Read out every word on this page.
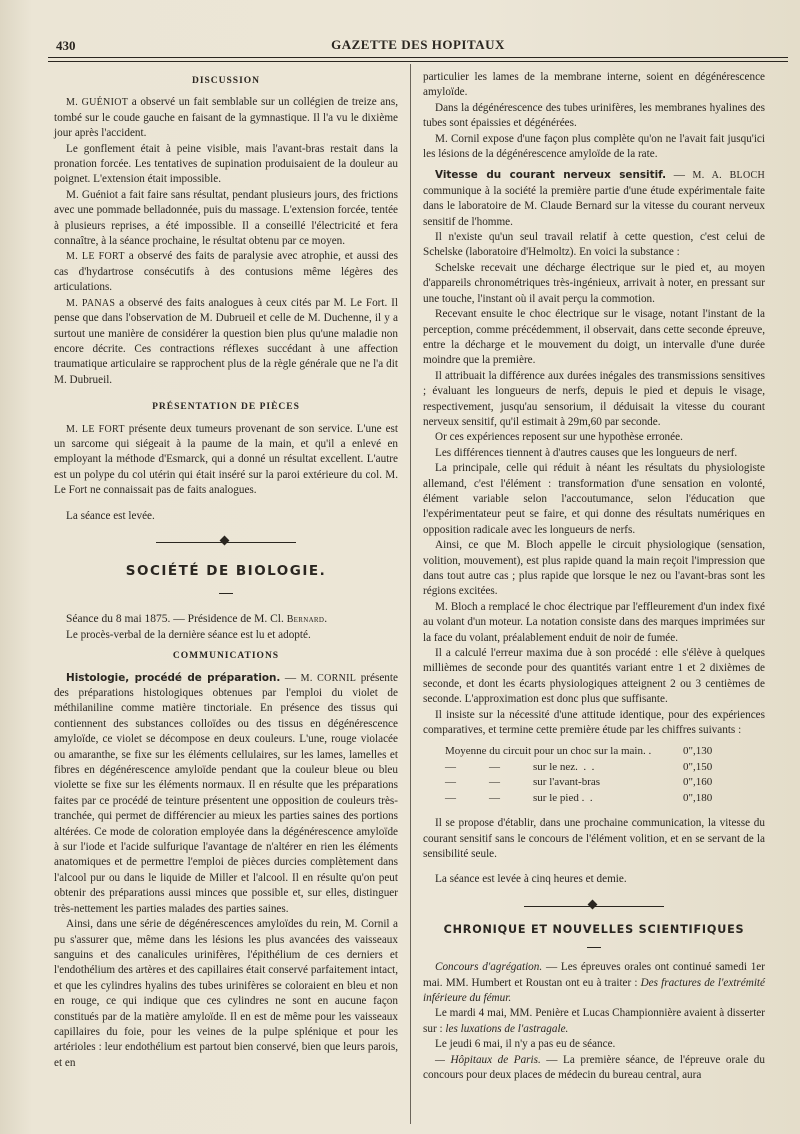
430	GAZETTE DES HOPITAUX
DISCUSSION

M. GUÉNIOT a observé un fait semblable sur un collégien de treize ans, tombé sur le coude gauche en faisant de la gymnastique. Il l'a vu le dixième jour après l'accident.

Le gonflement était à peine visible, mais l'avant-bras restait dans la pronation forcée. Les tentatives de supination produisaient de la douleur au poignet. L'extension était impossible.

M. Guéniot a fait faire sans résultat, pendant plusieurs jours, des frictions avec une pommade belladonnée, puis du massage. L'extension forcée, tentée à plusieurs reprises, a été impossible. Il a conseillé l'électricité et fera connaître, à la séance prochaine, le résultat obtenu par ce moyen.

M. LE FORT a observé des faits de paralysie avec atrophie, et aussi des cas d'hydartrose consécutifs à des contusions même légères des articulations.

M. PANAS a observé des faits analogues à ceux cités par M. Le Fort. Il pense que dans l'observation de M. Dubrueil et celle de M. Duchenne, il y a surtout une manière de considérer la question bien plus qu'une maladie non encore décrite. Ces contractions réflexes succédant à une affection traumatique articulaire se rapprochent plus de la règle générale que ne l'a dit M. Dubrueil.

PRÉSENTATION DE PIÈCES

M. LE FORT présente deux tumeurs provenant de son service. L'une est un sarcome qui siégeait à la paume de la main, et qu'il a enlevé en employant la méthode d'Esmarck, qui a donné un résultat excellent. L'autre est un polype du col utérin qui était inséré sur la paroi extérieure du col. M. Le Fort ne connaissait pas de faits analogues.

La séance est levée.

SOCIÉTÉ DE BIOLOGIE.

Séance du 8 mai 1875. — Présidence de M. Cl. Bernard.

Le procès-verbal de la dernière séance est lu et adopté.

COMMUNICATIONS

Histologie, procédé de préparation. — M. CORNIL présente des préparations histologiques obtenues par l'emploi du violet de méthilaniline comme matière tinctoriale. En présence des tissus qui contiennent des substances colloïdes ou des tissus en dégénérescence amyloïde, ce violet se décompose en deux couleurs. L'une, rouge violacée ou amaranthe, se fixe sur les éléments cellulaires, sur les lames, lamelles et fibres en dégénérescence amyloïde pendant que la couleur bleue ou bleu violette se fixe sur les éléments normaux. Il en résulte que les préparations faites par ce procédé de teinture présentent une opposition de couleurs très-tranchée, qui permet de différencier au mieux les parties saines des portions altérées. Ce mode de coloration employée dans la dégénérescence amyloïde à sur l'iode et l'acide sulfurique l'avantage de n'altérer en rien les éléments anatomiques et de permettre l'emploi de pièces durcies complètement dans l'alcool pur ou dans le liquide de Miller et l'alcool. Il en résulte qu'on peut obtenir des préparations aussi minces que possible et, sur elles, distinguer très-nettement les parties malades des parties saines.

Ainsi, dans une série de dégénérescences amyloïdes du rein, M. Cornil a pu s'assurer que, même dans les lésions les plus avancées des vaisseaux sanguins et des canalicules urinifères, l'épithélium de ces derniers et l'endothélium des artères et des capillaires était conservé parfaitement intact, et que les cylindres hyalins des tubes urinifères se coloraient en bleu et non en rouge, ce qui indique que ces cylindres ne sont en aucune façon constitués par de la matière amyloïde. Il en est de même pour les vaisseaux capillaires du foie, pour les veines de la pulpe splénique et pour les artérioles : leur endothélium est partout bien conservé, bien que leurs parois, et en

particulier les lames de la membrane interne, soient en dégénérescence amyloïde.

Dans la dégénérescence des tubes urinifères, les membranes hyalines des tubes sont épaissies et dégénérées.

M. Cornil expose d'une façon plus complète qu'on ne l'avait fait jusqu'ici les lésions de la dégénérescence amyloïde de la rate.

Vitesse du courant nerveux sensitif. — M. A. BLOCH communique à la société la première partie d'une étude expérimentale faite dans le laboratoire de M. Claude Bernard sur la vitesse du courant nerveux sensitif de l'homme.

Il n'existe qu'un seul travail relatif à cette question, c'est celui de Schelske (laboratoire d'Helmoltz). En voici la substance :

Schelske recevait une décharge électrique sur le pied et, au moyen d'appareils chronométriques très-ingénieux, arrivait à noter, en pressant sur une touche, l'instant où il avait perçu la commotion.

Recevant ensuite le choc électrique sur le visage, notant l'instant de la perception, comme précédemment, il observait, dans cette seconde épreuve, entre la décharge et le mouvement du doigt, un intervalle d'une durée moindre que la première.

Il attribuait la différence aux durées inégales des transmissions sensitives ; évaluant les longueurs de nerfs, depuis le pied et depuis le visage, respectivement, jusqu'au sensorium, il déduisait la vitesse du courant nerveux sensitif, qu'il estimait à 29m,60 par seconde.

Or ces expériences reposent sur une hypothèse erronée.

Les différences tiennent à d'autres causes que les longueurs de nerf.

La principale, celle qui réduit à néant les résultats du physiologiste allemand, c'est l'élément : transformation d'une sensation en volonté, élément variable selon l'accoutumance, selon l'éducation que l'expérimentateur peut se faire, et qui donne des résultats numériques en opposition radicale avec les longueurs de nerfs.

Ainsi, ce que M. Bloch appelle le circuit physiologique (sensation, volition, mouvement), est plus rapide quand la main reçoit l'impression que dans tout autre cas ; plus rapide que lorsque le nez ou l'avant-bras sont les régions excitées.

M. Bloch a remplacé le choc électrique par l'effleurement d'un index fixé au volant d'un moteur. La notation consiste dans des marques imprimées sur la face du volant, préalablement enduit de noir de fumée.

Il a calculé l'erreur maxima due à son procédé : elle s'élève à quelques millièmes de seconde pour des quantités variant entre 1 et 2 dixièmes de seconde, et dont les écarts physiologiques atteignent 2 ou 3 centièmes de seconde. L'approximation est donc plus que suffisante.

Il insiste sur la nécessité d'une attitude identique, pour des expériences comparatives, et termine cette première étude par les chiffres suivants :

Moyenne du circuit pour un choc sur la main. .	0",130
—            —            sur le nez.  .  .	0",150
—            —            sur l'avant-bras	0",160
—            —            sur le pied .  .	0",180

Il se propose d'établir, dans une prochaine communication, la vitesse du courant sensitif sans le concours de l'élément volition, et en se servant de la sensibilité seule.

La séance est levée à cinq heures et demie.

CHRONIQUE ET NOUVELLES SCIENTIFIQUES

Concours d'agrégation. — Les épreuves orales ont continué samedi 1er mai. MM. Humbert et Roustan ont eu à traiter : Des fractures de l'extrémité inférieure du fémur.

Le mardi 4 mai, MM. Penière et Lucas Championnière avaient à disserter sur : les luxations de l'astragale.

Le jeudi 6 mai, il n'y a pas eu de séance.

— Hôpitaux de Paris. — La première séance, de l'épreuve orale du concours pour deux places de médecin du bureau central, aura
